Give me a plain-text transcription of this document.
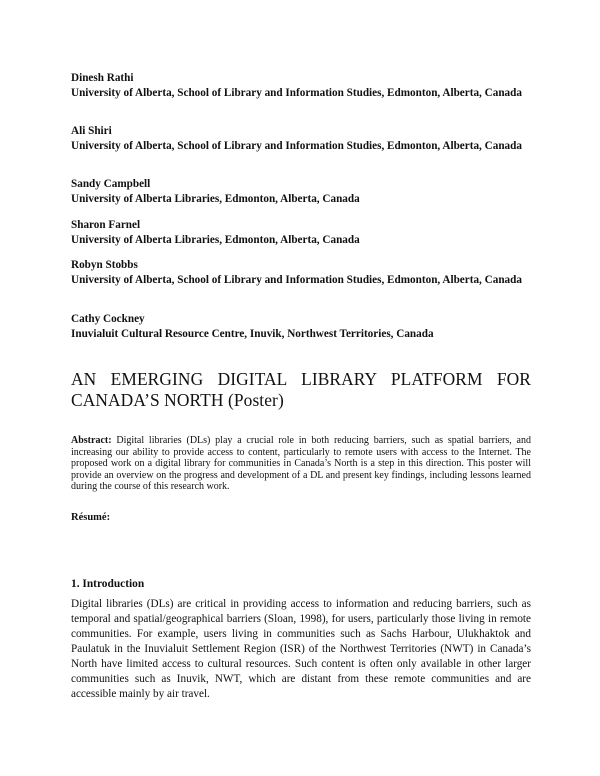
Dinesh Rathi
University of Alberta, School of Library and Information Studies, Edmonton, Alberta, Canada
Ali Shiri
University of Alberta, School of Library and Information Studies, Edmonton, Alberta, Canada
Sandy Campbell
University of Alberta Libraries, Edmonton, Alberta, Canada
Sharon Farnel
University of Alberta Libraries, Edmonton, Alberta, Canada
Robyn Stobbs
University of Alberta, School of Library and Information Studies, Edmonton, Alberta, Canada
Cathy Cockney
Inuvialuit Cultural Resource Centre, Inuvik, Northwest Territories, Canada
AN EMERGING DIGITAL LIBRARY PLATFORM FOR CANADA’S NORTH (Poster)

Abstract: Digital libraries (DLs) play a crucial role in both reducing barriers, such as spatial barriers, and increasing our ability to provide access to content, particularly to remote users with access to the Internet. The proposed work on a digital library for communities in Canada’s North is a step in this direction. This poster will provide an overview on the progress and development of a DL and present key findings, including lessons learned during the course of this research work.

Résumé:

1. Introduction

Digital libraries (DLs) are critical in providing access to information and reducing barriers, such as temporal and spatial/geographical barriers (Sloan, 1998), for users, particularly those living in remote communities. For example, users living in communities such as Sachs Harbour, Ulukhaktok and Paulatuk in the Inuvialuit Settlement Region (ISR) of the Northwest Territories (NWT) in Canada’s North have limited access to cultural resources. Such content is often only available in other larger communities such as Inuvik, NWT, which are distant from these remote communities and are accessible mainly by air travel.
